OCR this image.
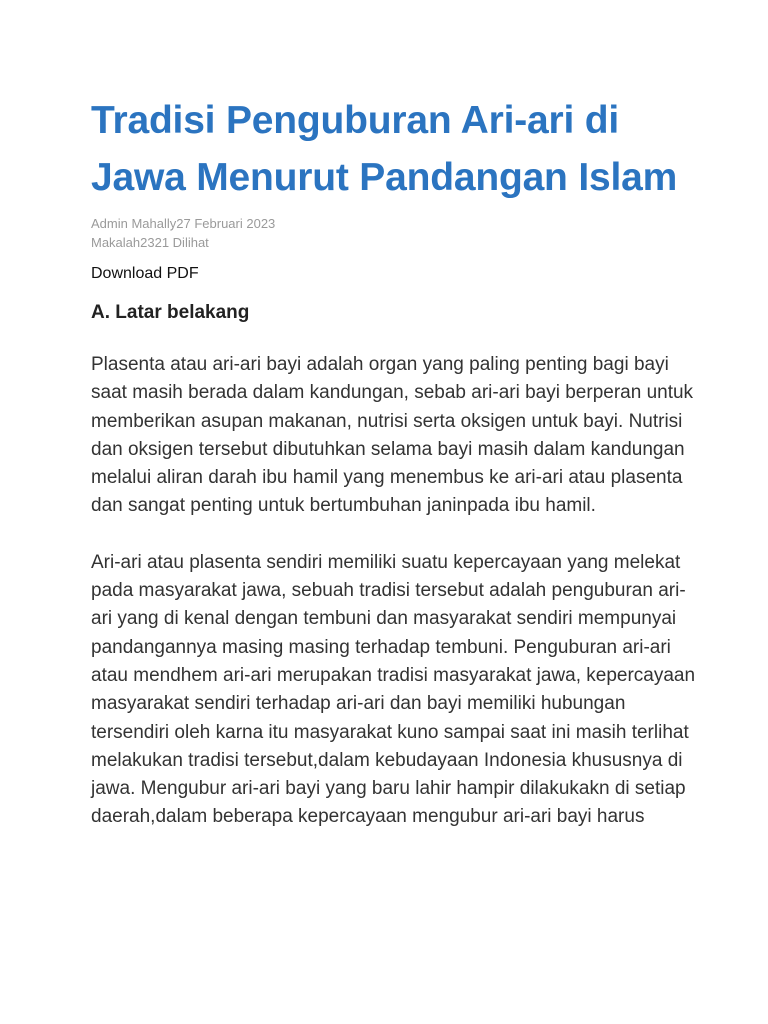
Tradisi Penguburan Ari-ari di Jawa Menurut Pandangan Islam
Admin Mahally27 Februari 2023
Makalah2321 Dilihat
Download PDF
A. Latar belakang

Plasenta atau ari-ari bayi adalah organ yang paling penting bagi bayi saat masih berada dalam kandungan, sebab ari-ari bayi berperan untuk memberikan asupan makanan, nutrisi serta oksigen untuk bayi. Nutrisi dan oksigen tersebut dibutuhkan selama bayi masih dalam kandungan melalui aliran darah ibu hamil yang menembus ke ari-ari atau plasenta dan sangat penting untuk bertumbuhan janinpada ibu hamil.

Ari-ari atau plasenta sendiri memiliki suatu kepercayaan yang melekat pada masyarakat jawa, sebuah tradisi tersebut adalah penguburan ari-ari yang di kenal dengan tembuni dan masyarakat sendiri mempunyai pandangannya masing masing terhadap tembuni. Penguburan ari-ari atau mendhem ari-ari merupakan tradisi masyarakat jawa, kepercayaan masyarakat sendiri terhadap ari-ari dan bayi memiliki hubungan tersendiri oleh karna itu masyarakat kuno sampai saat ini masih terlihat melakukan tradisi tersebut,dalam kebudayaan Indonesia khususnya di jawa. Mengubur ari-ari bayi yang baru lahir hampir dilakukakn di setiap daerah,dalam beberapa kepercayaan mengubur ari-ari bayi harus
